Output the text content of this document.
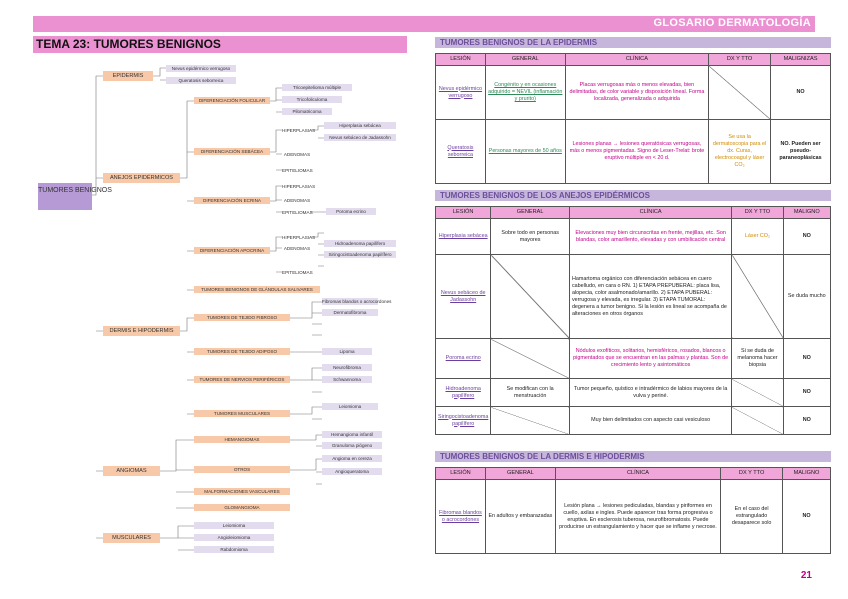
GLOSARIO DERMATOLOGÍA
TEMA 23: TUMORES BENIGNOS
TUMORES BENIGNOS
EPIDERMIS
Nevus epidérmico verrugoso
Queratosis seborreica
ANEJOS EPIDÉRMICOS
DIFERENCIACIÓN FOLICULAR
DIFERENCIACIÓN SEBÁCEA
DIFERENCIACIÓN ECRINA
DIFERENCIACIÓN APOCRINA
Tricoepitelioma múltiple
Tricofoliculoma
Pilomatricoma
HIPERPLASIAS
ADENOMAS
EPITELIOMAS
Hiperplasia sebácea
Nevus sebáceo de Jadassohn
HIPERPLASIAS
ADENOMAS
EPITELIOMAS	Poroma ecrino
HIPERPLASIAS
ADENOMAS
EPITELIOMAS
Hidroadenoma papilífero
Siringocistoadenoma papilífero
TUMORES BENIGNOS DE GLÁNDULAS SALIVARES
DERMIS E HIPODERMIS
TUMORES DE TEJIDO FIBROSO
TUMORES DE TEJIDO ADIPOSO
TUMORES DE NERVIOS PERIFÉRICOS
TUMORES MUSCULARES
Fibromas blandos o acrocordones
Dermatofibroma
Lipoma
Neurofibroma
Schwannoma
Leiomioma
ANGIOMAS
HEMANGIOMAS
OTROS
MALFORMACIONES VASCULARES
GLOMANGIOMA
Hemangioma infantil
Granuloma piógeno
Angioma en cereza
Angioqueratoma
MUSCULARES
Leiomioma
Angioleiomioma
Rabdomioma
TUMORES BENIGNOS DE LA EPIDERMIS
LESIÓN	GENERAL	CLÍNICA	DX Y TTO	MALIGNIZAS
Nevus epidérmico verrugoso	Congénito y en ocasiones adquirido = NEVIL (inflamación y prurito)	Placas verrugosas más o menos elevadas, bien delimitadas, de color variable y disposición lineal. Forma localizada, generalizada o adquirida		NO
Queratosis seborreica	Personas mayores de 50 años	Lesiones planas → lesiones queratósicas verrugosas, más o menos pigmentadas. Signo de Leser-Trelat: brote eruptivo múltiple en < 20 d.	Se usa la dermatoscopia para el dx. Curas, electrocoagul y láser CO₂	NO. Pueden ser pseudo-paraneoplásicas
TUMORES BENIGNOS DE LOS ANEJOS EPIDÉRMICOS
LESIÓN	GENERAL	CLÍNICA	DX Y TTO	MALIGNO
Hiperplasia sebácea	Sobre todo en personas mayores	Elevaciones muy bien circunscritas en frente, mejillas, etc. Son blandas, color amarillento, elevadas y con umbilicación central	Láser CO₂	NO
Nevus sebáceo de Jadassohn		Hamartoma orgánico con diferenciación sebácea en cuero cabelludo, en cara o RN. 1) ETAPA PREPUBERAL: placa lisa, alopecia, color asalmonado/amarillo. 2) ETAPA PUBERAL: verrugosa y elevada, es irregular. 3) ETAPA TUMORAL: degenera a tumor benigno. Si la lesión es lineal se acompaña de alteraciones en otros órganos		Se duda mucho
Poroma ecrino		Nódulos exofíticos, solitarios, hemisféricos, rosados, blancos o pigmentados que se encuentran en las palmas y plantas. Son de crecimiento lento y asintomáticos	Si se duda de melanoma hacer biopsia	NO
Hidroadenoma papilífero	Se modifican con la menstruación	Tumor pequeño, quístico e intradérmico de labios mayores de la vulva y periné.		NO
Siringocistoadenoma papilífero		Muy bien delimitados con aspecto casi vesiculoso		NO
TUMORES BENIGNOS DE LA DERMIS E HIPODERMIS
LESIÓN	GENERAL	CLÍNICA	DX Y TTO	MALIGNO
Fibromas blandos o acrocordones	En adultos y embarazadas	Lesión plana → lesiones pediculadas, blandas y piriformes en cuello, axilas e ingles. Puede aparecer tras forma progresiva o eruptiva. En esclerosis tuberosa, neurofibromatosis. Puede producirse un estrangulamiento y hacer que se inflame y necrose.	En el caso del estrangulado desaparece solo	NO
21
